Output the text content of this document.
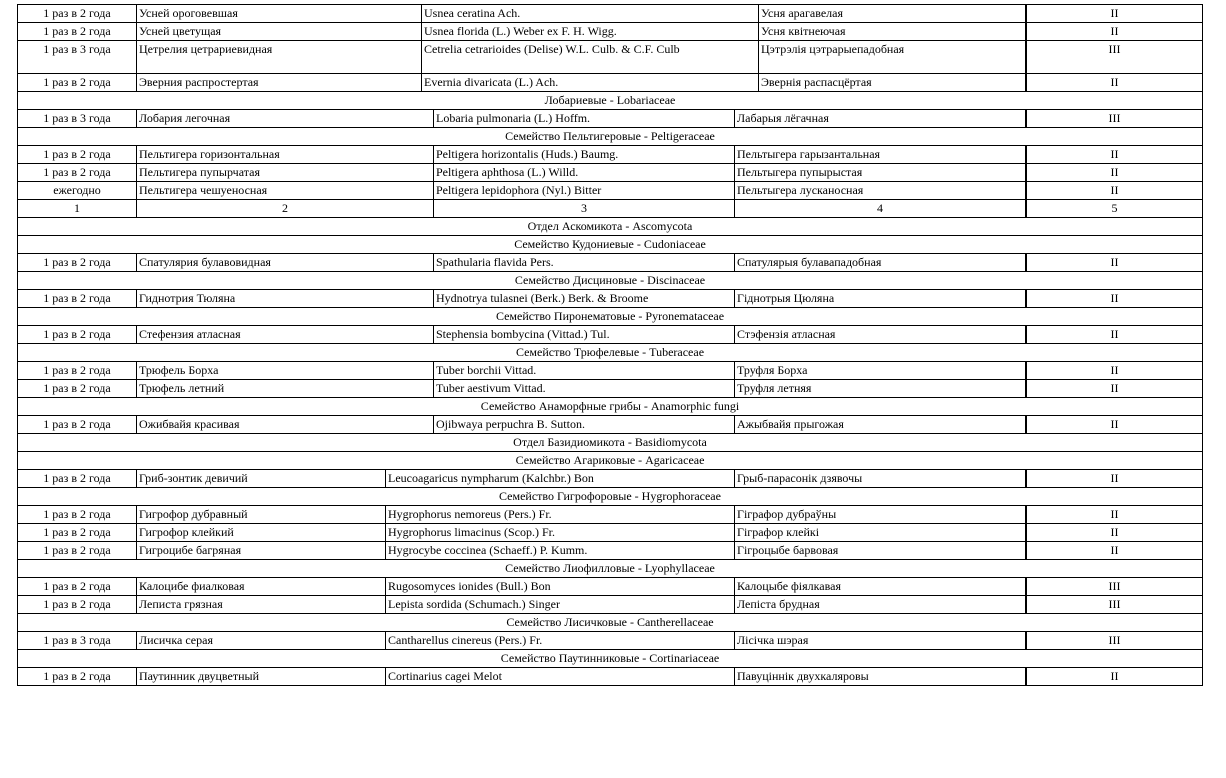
1 раз в 2 года	Усней ороговевшая	Usnea ceratina Ach.	Усня арагавелая	II
1 раз в 2 года	Усней цветущая	Usnea florida (L.) Weber ex F. H. Wigg.	Усня квітнеючая	II
1 раз в 3 года	Цетрелия цетрариевидная	Cetrelia cetrarioides (Delise) W.L. Culb. & C.F. Culb	Цэтрэлія цэтрарыепадобная	III
1 раз в 2 года	Эверния распростертая	Evernia divaricata (L.) Ach.	Эвернія распасцёртая	II
Лобариевые - Lobariaceae
1 раз в 3 года	Лобария легочная	Lobaria pulmonaria (L.) Hoffm.	Лабарыя лёгачная	III
Семейство Пельтигеровые - Peltigeraceae
1 раз в 2 года	Пельтигера горизонтальная	Peltigera horizontalis (Huds.) Baumg.	Пельтыгера гарызантальная	II
1 раз в 2 года	Пельтигера пупырчатая	Peltigera aphthosa (L.) Willd.	Пельтыгера пупырыстая	II
ежегодно	Пельтигера чешуеносная	Peltigera lepidophora (Nyl.) Bitter	Пельтыгера лусканосная	II
1	2	3	4	5
Отдел Аскомикота - Ascomycota
Семейство Кудониевые - Cudoniaceae
1 раз в 2 года	Спатулярия булавовидная	Spathularia flavida Pers.	Спатулярыя булавападобная	II
Семейство Дисциновые - Discinaceae
1 раз в 2 года	Гиднотрия Тюляна	Hydnotrya tulasnei (Berk.) Berk. & Broome	Гіднотрыя Цюляна	II
Семейство Пиронематовые - Pyronemataceae
1 раз в 2 года	Стефензия атласная	Stephensia bombycina (Vittad.) Tul.	Стэфензія атласная	II
Семейство Трюфелевые - Tuberaceae
1 раз в 2 года	Трюфель Борха	Tuber borchii Vittad.	Труфля Борха	II
1 раз в 2 года	Трюфель летний	Tuber aestivum Vittad.	Труфля летняя	II
Семейство Анаморфные грибы - Anamorphic fungi
1 раз в 2 года	Ожибвайя красивая	Ojibwaya perpuchra B. Sutton.	Ажыбвайя прыгожая	II
Отдел Базидиомикота - Basidiomycota
Семейство Агариковые - Agaricaceae
1 раз в 2 года	Гриб-зонтик девичий	Leucoagaricus nympharum (Kalchbr.) Bon	Грыб-парасонік дзявочы	II
Семейство Гигрофоровые - Hygrophoraceae
1 раз в 2 года	Гигрофор дубравный	Hygrophorus nemoreus (Pers.) Fr.	Гіграфор дубраўны	II
1 раз в 2 года	Гигрофор клейкий	Hygrophorus limacinus (Scop.) Fr.	Гіграфор клейкі	II
1 раз в 2 года	Гигроцибе багряная	Hygrocybe coccinea (Schaeff.) P. Kumm.	Гігроцыбе барвовая	II
Семейство Лиофилловые - Lyophyllaceae
1 раз в 2 года	Калоцибе фиалковая	Rugosomyces ionides (Bull.) Bon	Калоцыбе фіялкавая	III
1 раз в 2 года	Леписта грязная	Lepista sordida (Schumach.) Singer	Лепіста брудная	III
Семейство Лисичковые - Cantherellaceae
1 раз в 3 года	Лисичка серая	Cantharellus cinereus (Pers.) Fr.	Лісічка шэрая	III
Семейство Паутинниковые - Cortinariaceae
1 раз в 2 года	Паутинник двуцветный	Cortinarius cagei Melot	Павуцiннiк двухкаляровы	II
